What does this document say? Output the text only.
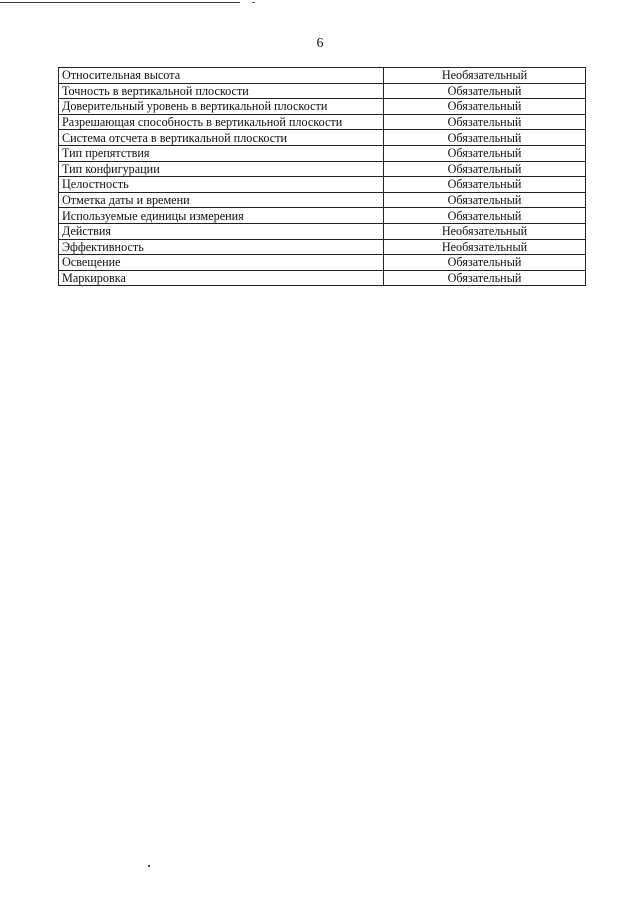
6
Относительная высота	Необязательный
Точность в вертикальной плоскости	Обязательный
Доверительный уровень в вертикальной плоскости	Обязательный
Разрешающая способность в вертикальной плоскости	Обязательный
Система отсчета в вертикальной плоскости	Обязательный
Тип препятствия	Обязательный
Тип конфигурации	Обязательный
Целостность	Обязательный
Отметка даты и времени	Обязательный
Используемые единицы измерения	Обязательный
Действия	Необязательный
Эффективность	Необязательный
Освещение	Обязательный
Маркировка	Обязательный
